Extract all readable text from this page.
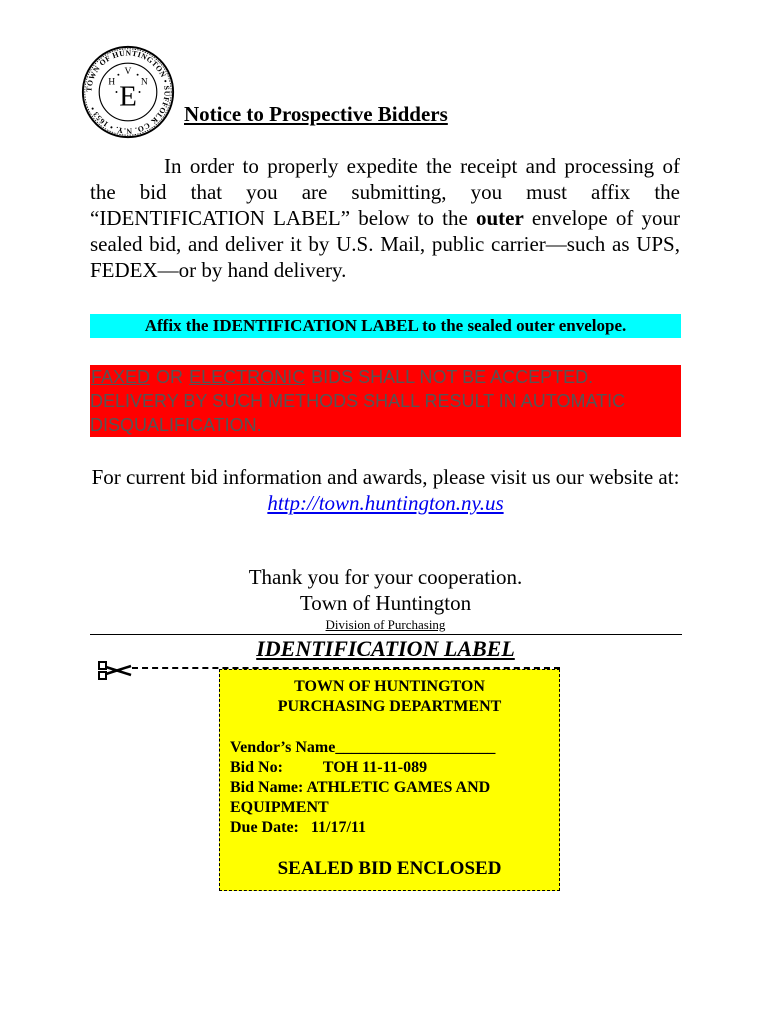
TOWN OF HUNTINGTON • SUFFOLK CO. N.Y. • 1653 • E
H
V
N
Notice to Prospective Bidders

In order to properly expedite the receipt and processing of the bid that you are submitting, you must affix the “IDENTIFICATION LABEL” below to the outer envelope of your sealed bid, and deliver it by U.S. Mail, public carrier—such as UPS, FEDEX—or by hand delivery.

Affix the IDENTIFICATION LABEL to the sealed outer envelope.
FAXED OR ELECTRONIC BIDS SHALL NOT BE ACCEPTED. DELIVERY BY SUCH METHODS SHALL RESULT IN AUTOMATIC DISQUALIFICATION.
For current bid information and awards, please visit us our website at:
http://town.huntington.ny.us
Thank you for your cooperation.
Town of Huntington
Division of Purchasing
IDENTIFICATION LABEL
TOWN OF HUNTINGTON
PURCHASING DEPARTMENT
Vendor’s Name____________________
Bid No:	TOH 11-11-089
Bid Name: ATHLETIC GAMES AND
EQUIPMENT
Due Date: 11/17/11
SEALED BID ENCLOSED
